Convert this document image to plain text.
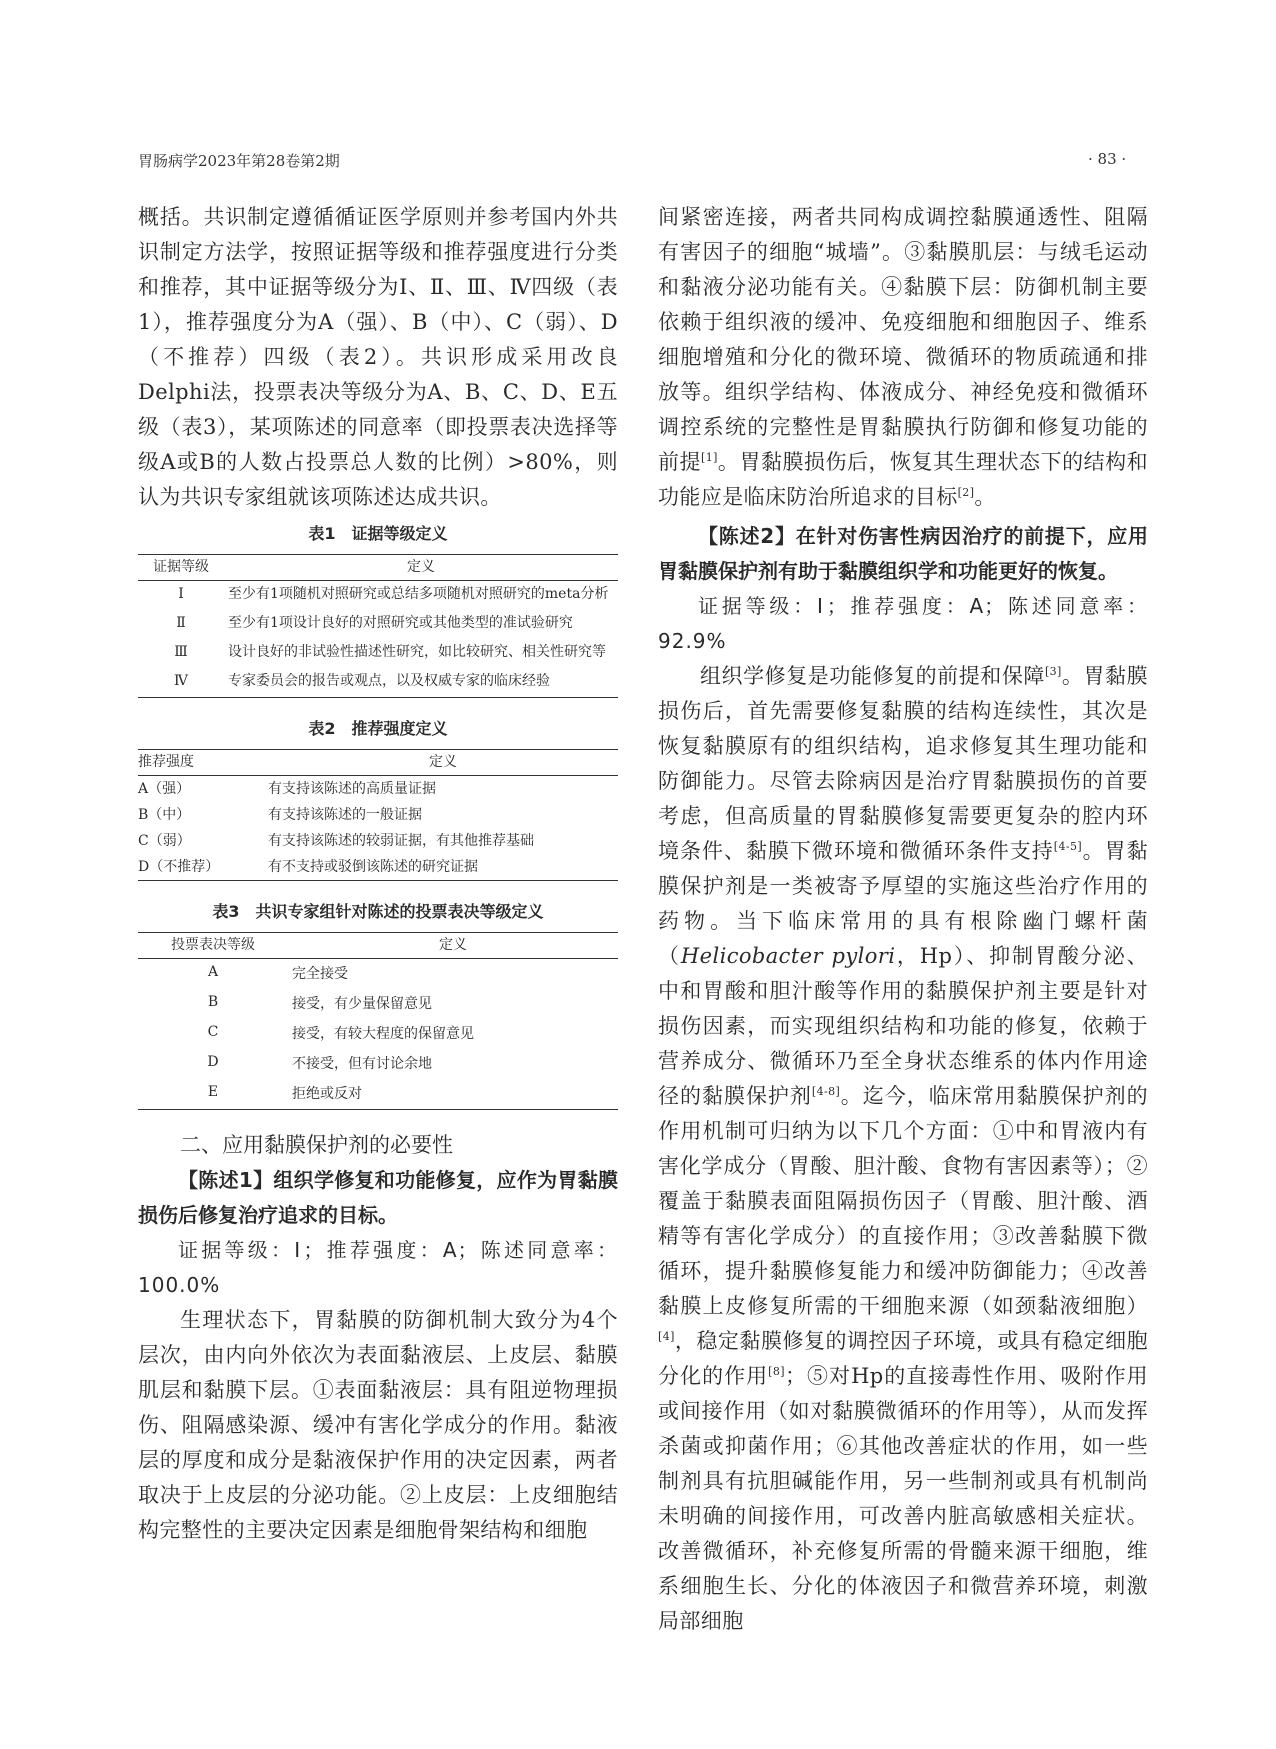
胃肠病学2023年第28卷第2期	· 83 ·

概括。共识制定遵循循证医学原则并参考国内外共识制定方法学，按照证据等级和推荐强度进行分类和推荐，其中证据等级分为Ⅰ、Ⅱ、Ⅲ、Ⅳ四级（表1），推荐强度分为A（强）、B（中）、C（弱）、D（不推荐）四级（表2）。共识形成采用改良Delphi法，投票表决等级分为A、B、C、D、E五级（表3），某项陈述的同意率（即投票表决选择等级A或B的人数占投票总人数的比例）>80%，则认为共识专家组就该项陈述达成共识。

表1　证据等级定义
证据等级	定义
Ⅰ	至少有1项随机对照研究或总结多项随机对照研究的meta分析
Ⅱ	至少有1项设计良好的对照研究或其他类型的准试验研究
Ⅲ	设计良好的非试验性描述性研究，如比较研究、相关性研究等
Ⅳ	专家委员会的报告或观点，以及权威专家的临床经验
表2　推荐强度定义
推荐强度	定义
A（强）	有支持该陈述的高质量证据
B（中）	有支持该陈述的一般证据
C（弱）	有支持该陈述的较弱证据，有其他推荐基础
D（不推荐）	有不支持或驳倒该陈述的研究证据
表3　共识专家组针对陈述的投票表决等级定义
投票表决等级	定义
A	完全接受
B	接受，有少量保留意见
C	接受，有较大程度的保留意见
D	不接受，但有讨论余地
E	拒绝或反对

二、应用黏膜保护剂的必要性

【陈述1】组织学修复和功能修复，应作为胃黏膜损伤后修复治疗追求的目标。

证据等级：Ⅰ；推荐强度：A；陈述同意率：100.0%

生理状态下，胃黏膜的防御机制大致分为4个层次，由内向外依次为表面黏液层、上皮层、黏膜肌层和黏膜下层。①表面黏液层：具有阻逆物理损伤、阻隔感染源、缓冲有害化学成分的作用。黏液层的厚度和成分是黏液保护作用的决定因素，两者取决于上皮层的分泌功能。②上皮层：上皮细胞结构完整性的主要决定因素是细胞骨架结构和细胞

间紧密连接，两者共同构成调控黏膜通透性、阻隔有害因子的细胞“城墙”。③黏膜肌层：与绒毛运动和黏液分泌功能有关。④黏膜下层：防御机制主要依赖于组织液的缓冲、免疫细胞和细胞因子、维系细胞增殖和分化的微环境、微循环的物质疏通和排放等。组织学结构、体液成分、神经免疫和微循环调控系统的完整性是胃黏膜执行防御和修复功能的前提[1]。胃黏膜损伤后，恢复其生理状态下的结构和功能应是临床防治所追求的目标[2]。

【陈述2】在针对伤害性病因治疗的前提下，应用胃黏膜保护剂有助于黏膜组织学和功能更好的恢复。

证据等级：Ⅰ；推荐强度：A；陈述同意率：92.9%

组织学修复是功能修复的前提和保障[3]。胃黏膜损伤后，首先需要修复黏膜的结构连续性，其次是恢复黏膜原有的组织结构，追求修复其生理功能和防御能力。尽管去除病因是治疗胃黏膜损伤的首要考虑，但高质量的胃黏膜修复需要更复杂的腔内环境条件、黏膜下微环境和微循环条件支持[4-5]。胃黏膜保护剂是一类被寄予厚望的实施这些治疗作用的药物。当下临床常用的具有根除幽门螺杆菌（Helicobacter pylori，Hp）、抑制胃酸分泌、中和胃酸和胆汁酸等作用的黏膜保护剂主要是针对损伤因素，而实现组织结构和功能的修复，依赖于营养成分、微循环乃至全身状态维系的体内作用途径的黏膜保护剂[4-8]。迄今，临床常用黏膜保护剂的作用机制可归纳为以下几个方面：①中和胃液内有害化学成分（胃酸、胆汁酸、食物有害因素等）；②覆盖于黏膜表面阻隔损伤因子（胃酸、胆汁酸、酒精等有害化学成分）的直接作用；③改善黏膜下微循环，提升黏膜修复能力和缓冲防御能力；④改善黏膜上皮修复所需的干细胞来源（如颈黏液细胞）[4]，稳定黏膜修复的调控因子环境，或具有稳定细胞分化的作用[8]；⑤对Hp的直接毒性作用、吸附作用或间接作用（如对黏膜微循环的作用等），从而发挥杀菌或抑菌作用；⑥其他改善症状的作用，如一些制剂具有抗胆碱能作用，另一些制剂或具有机制尚未明确的间接作用，可改善内脏高敏感相关症状。改善微循环，补充修复所需的骨髓来源干细胞，维系细胞生长、分化的体液因子和微营养环境，刺激局部细胞
